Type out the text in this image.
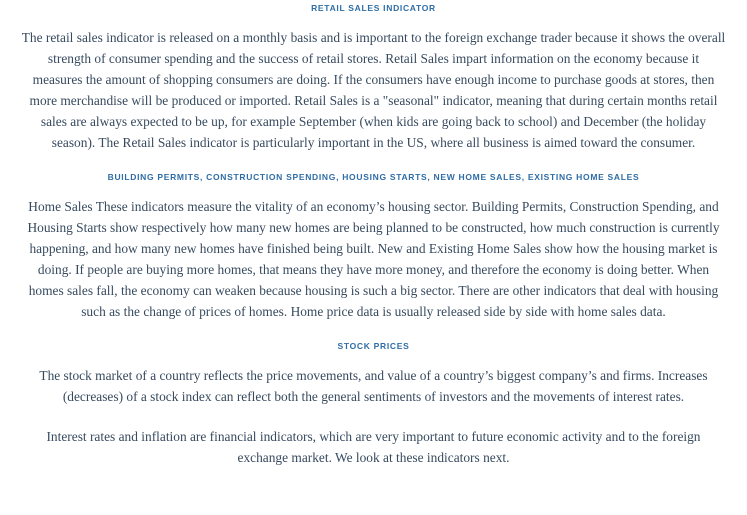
RETAIL SALES INDICATOR

The retail sales indicator is released on a monthly basis and is important to the foreign exchange trader because it shows the overall strength of consumer spending and the success of retail stores. Retail Sales impart information on the economy because it measures the amount of shopping consumers are doing. If the consumers have enough income to purchase goods at stores, then more merchandise will be produced or imported. Retail Sales is a "seasonal" indicator, meaning that during certain months retail sales are always expected to be up, for example September (when kids are going back to school) and December (the holiday season). The Retail Sales indicator is particularly important in the US, where all business is aimed toward the consumer.

BUILDING PERMITS, CONSTRUCTION SPENDING, HOUSING STARTS, NEW HOME SALES, EXISTING HOME SALES

Home Sales These indicators measure the vitality of an economy’s housing sector. Building Permits, Construction Spending, and Housing Starts show respectively how many new homes are being planned to be constructed, how much construction is currently happening, and how many new homes have finished being built. New and Existing Home Sales show how the housing market is doing. If people are buying more homes, that means they have more money, and therefore the economy is doing better. When homes sales fall, the economy can weaken because housing is such a big sector. There are other indicators that deal with housing such as the change of prices of homes. Home price data is usually released side by side with home sales data.

STOCK PRICES

The stock market of a country reflects the price movements, and value of a country’s biggest company’s and firms. Increases (decreases) of a stock index can reflect both the general sentiments of investors and the movements of interest rates.

Interest rates and inflation are financial indicators, which are very important to future economic activity and to the foreign exchange market. We look at these indicators next.
